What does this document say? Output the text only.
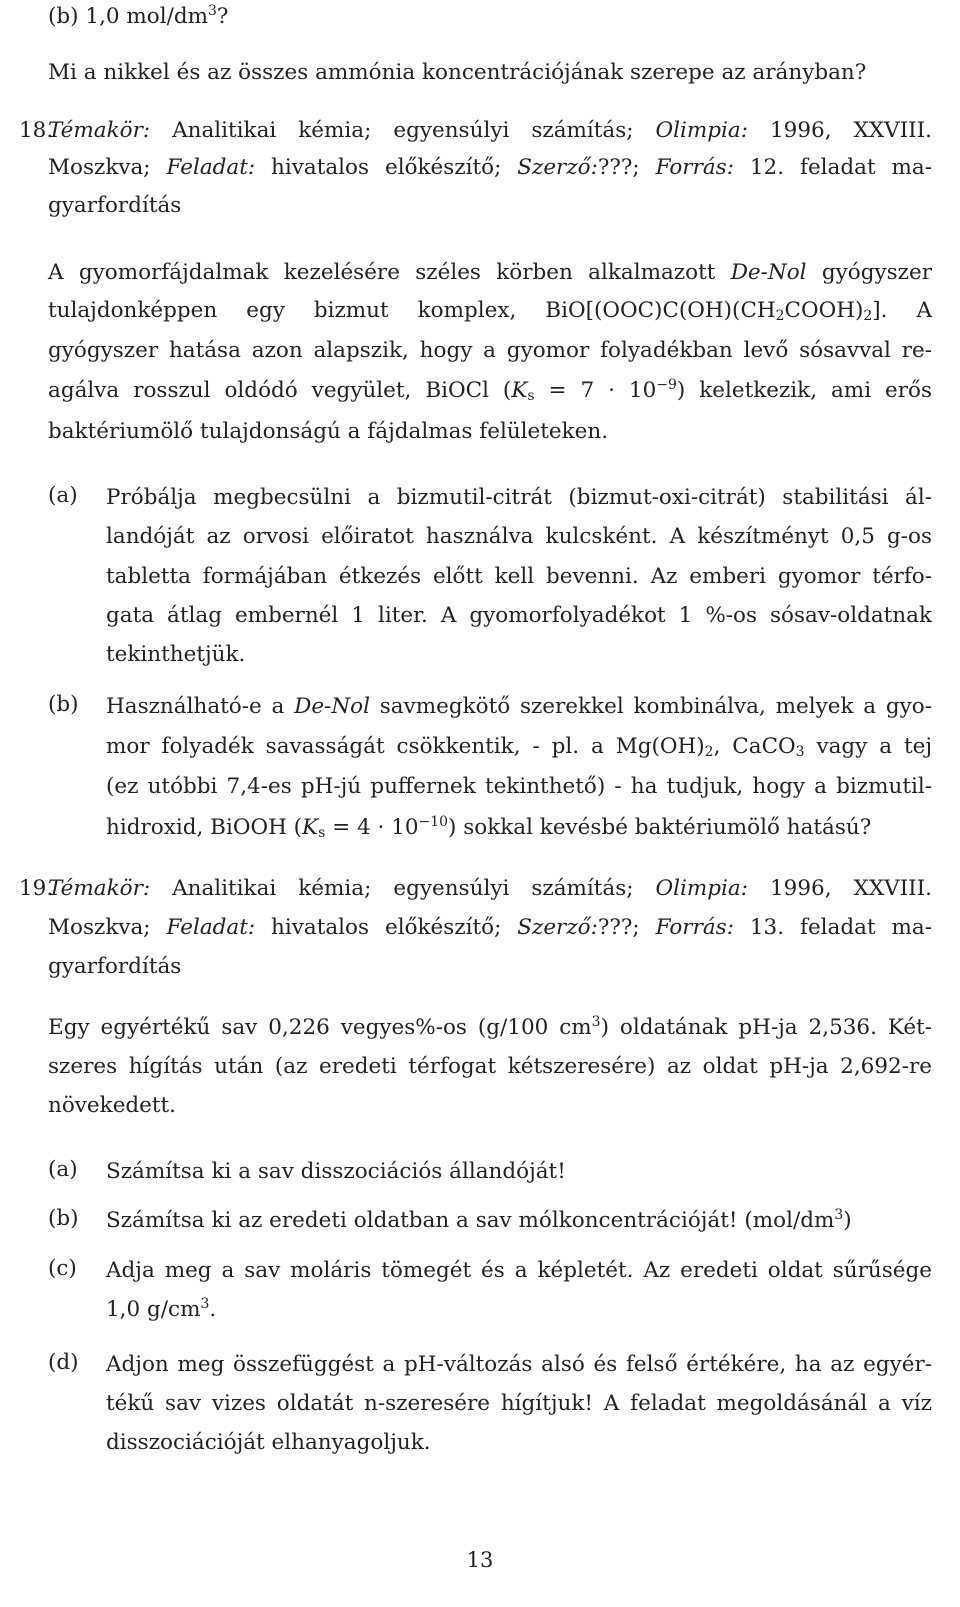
(b) 1,0 mol/$dm^3$?
Mi a nikkel és az összes ammónia koncentrációjának szerepe az arányban?
18.
Témakör: Analitikai kémia; egyensúlyi számítás; Olimpia: 1996, XXVIII.
Moszkva; Feladat: hivatalos előkészítő; Szerző:???; Forrás: 12. feladat ma-
gyarfordítás
A gyomorfájdalmak kezelésére széles körben alkalmazott De-Nol gyógyszer
tulajdonképpen egy bizmut komplex, $BiO[(OOC)C(OH)(CH_2COOH)_2]$. A
gyógyszer hatása azon alapszik, hogy a gyomor folyadékban levő sósavval re-
agálva rosszul oldódó vegyület, BiOCl $(K_s = 7 \cdot 10^{-9})$ keletkezik, ami erős
baktériumölő tulajdonságú a fájdalmas felületeken.
(a) Próbálja megbecsülni a bizmutil-citrát (bizmut-oxi-citrát) stabilitási ál-
landóját az orvosi előiratot használva kulcsként. A készítményt 0,5 g-os
tabletta formájában étkezés előtt kell bevenni. Az emberi gyomor térfo-
gata átlag embernél 1 liter. A gyomorfolyadékot 1 %-os sósav-oldatnak
tekinthetjük.
(b) Használható-e a De-Nol savmegkötő szerekkel kombinálva, melyek a gyo-
mor folyadék savasságát csökkentik, - pl. a $Mg(OH)_2$, CaCO$_3$ vagy a tej
(ez utóbbi 7,4-es pH-jú puffernek tekinthető) - ha tudjuk, hogy a bizmutil-
hidroxid, BiOOH $(K_s = 4 \cdot 10^{-10})$ sokkal kevésbé baktériumölő hatású?
19.
Témakör: Analitikai kémia; egyensúlyi számítás; Olimpia: 1996, XXVIII.
Moszkva; Feladat: hivatalos előkészítő; Szerző:???; Forrás: 13. feladat ma-
gyarfordítás
Egy egyértékű sav 0,226 vegyes%-os (g/100 $cm^3$) oldatának pH-ja 2,536. Két-
szeres hígítás után (az eredeti térfogat kétszeresére) az oldat pH-ja 2,692-re
növekedett.
(a) Számítsa ki a sav disszociációs állandóját!
(b) Számítsa ki az eredeti oldatban a sav mólkoncentrációját! $(mol/dm^3)$
(c) Adja meg a sav moláris tömegét és a képletét. Az eredeti oldat sűrűsége
1,0 $g/cm^3$.
(d) Adjon meg összefüggést a pH-változás alsó és felső értékére, ha az egyér-
tékű sav vizes oldatát n-szeresére hígítjuk! A feladat megoldásánál a víz
disszociációját elhanyagoljuk.
13
